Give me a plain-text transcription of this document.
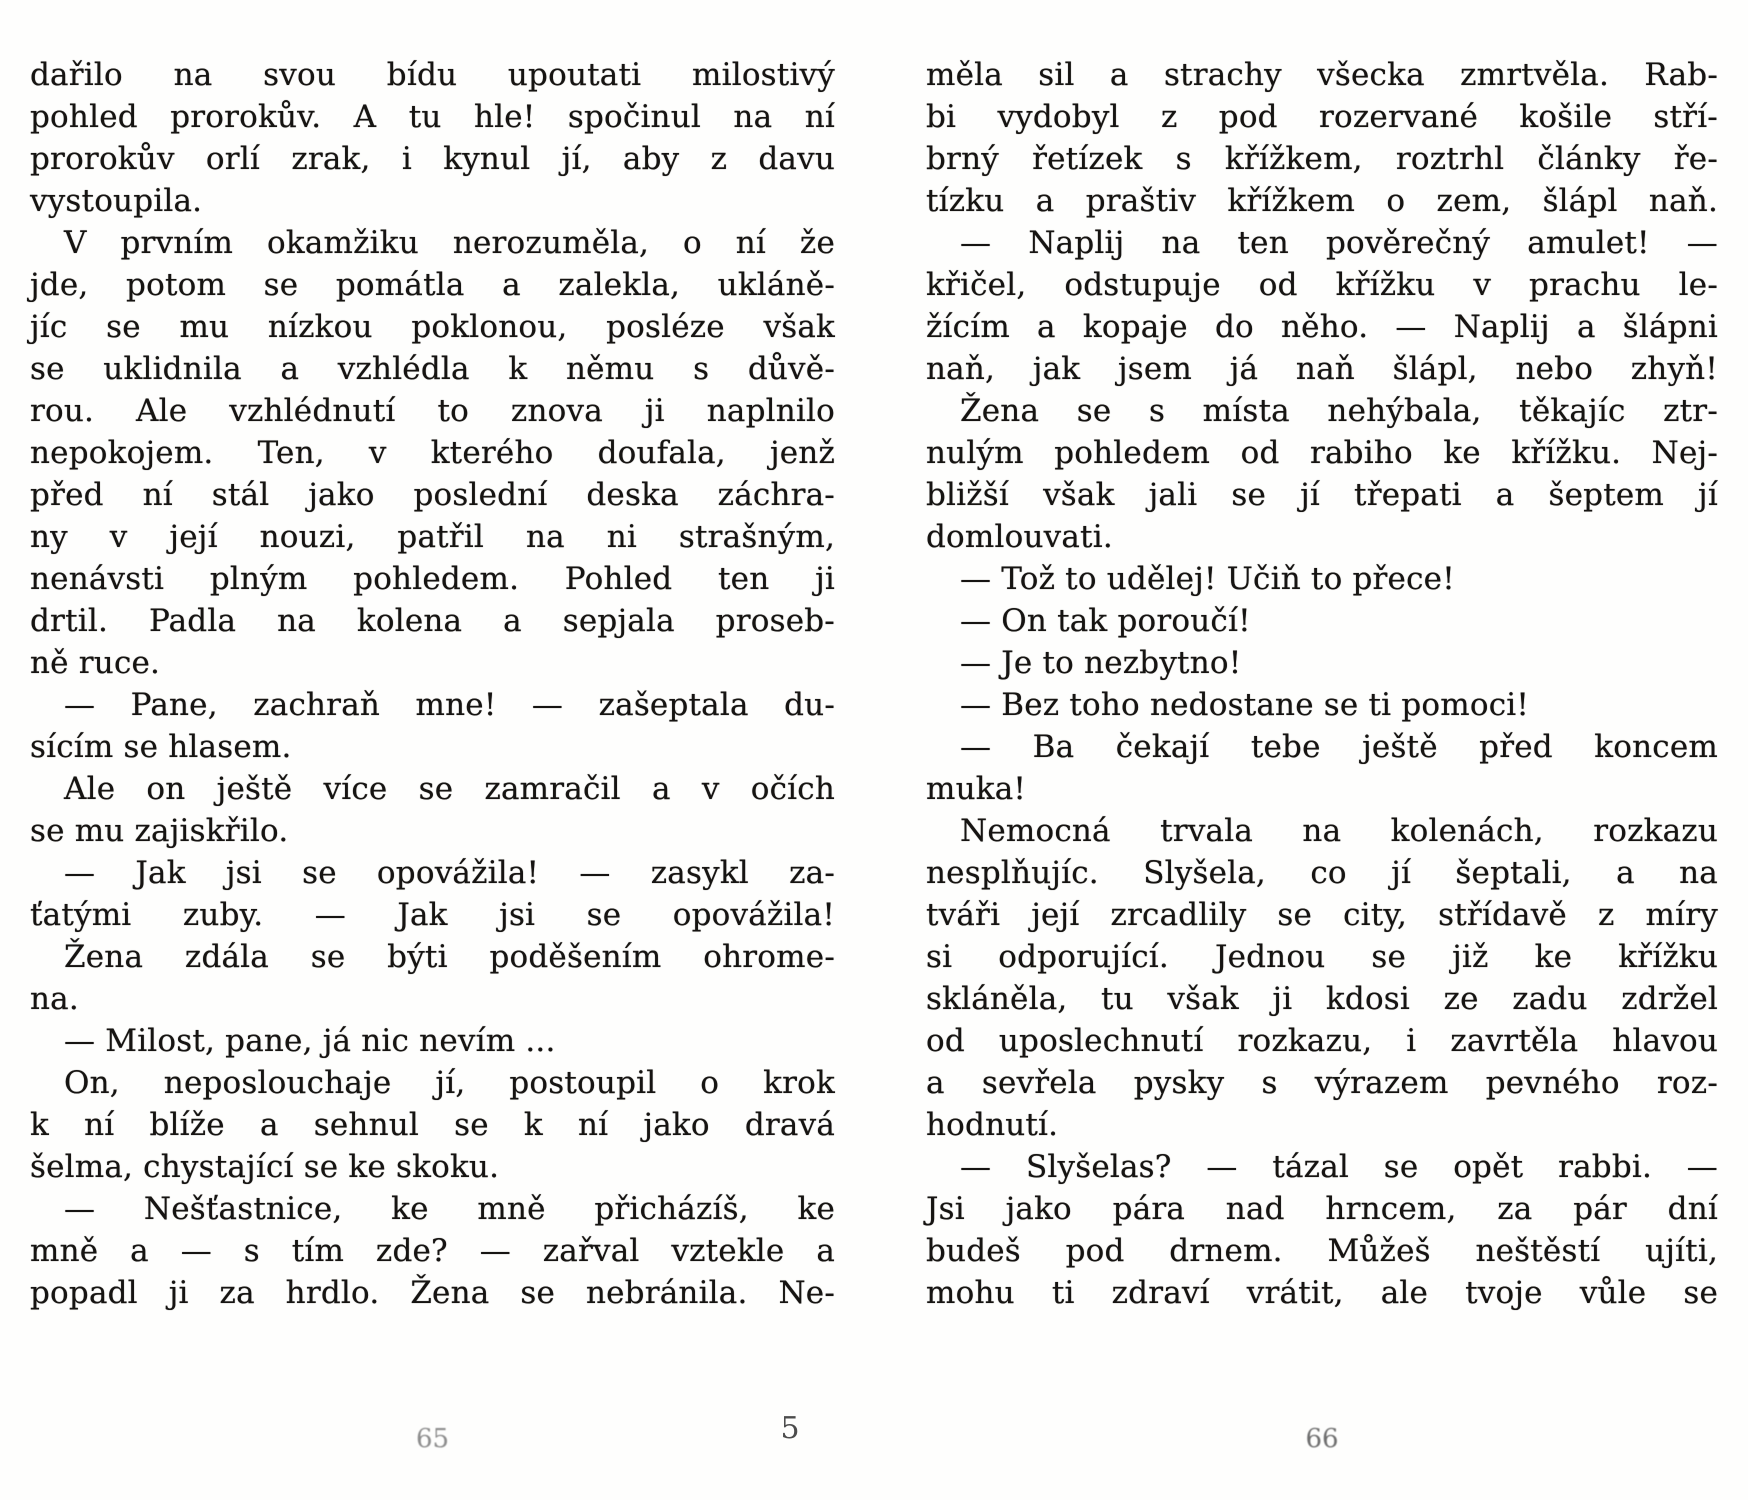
dařilo na svou bídu upoutati milostivý
pohled prorokův. A tu hle! spočinul na ní
prorokův orlí zrak, i kynul jí, aby z davu
vystoupila.
V prvním okamžiku nerozuměla, o ní že
jde, potom se pomátla a zalekla, ukláně-
jíc se mu nízkou poklonou, posléze však
se uklidnila a vzhlédla k němu s důvě-
rou. Ale vzhlédnutí to znova ji naplnilo
nepokojem. Ten, v kterého doufala, jenž
před ní stál jako poslední deska záchra-
ny v její nouzi, patřil na ni strašným,
nenávsti plným pohledem. Pohled ten ji
drtil. Padla na kolena a sepjala proseb-
ně ruce.
— Pane, zachraň mne! — zašeptala du-
sícím se hlasem.
Ale on ještě více se zamračil a v očích
se mu zajiskřilo.
— Jak jsi se opovážila! — zasykl za-
ťatými zuby. — Jak jsi se opovážila!
Žena zdála se býti poděšením ohrome-
na.
— Milost, pane, já nic nevím ...
On, neposlouchaje jí, postoupil o krok
k ní blíže a sehnul se k ní jako dravá
šelma, chystající se ke skoku.
— Nešťastnice, ke mně přicházíš, ke
mně a — s tím zde? — zařval vztekle a
popadl ji za hrdlo. Žena se nebránila. Ne-
měla sil a strachy všecka zmrtvěla. Rab-
bi vydobyl z pod rozervané košile stří-
brný řetízek s křížkem, roztrhl články ře-
tízku a praštiv křížkem o zem, šlápl naň.
— Naplij na ten pověrečný amulet! —
křičel, odstupuje od křížku v prachu le-
žícím a kopaje do něho. — Naplij a šlápni
naň, jak jsem já naň šlápl, nebo zhyň!
Žena se s místa nehýbala, těkajíc ztr-
nulým pohledem od rabiho ke křížku. Nej-
bližší však jali se jí třepati a šeptem jí
domlouvati.
— Tož to udělej! Učiň to přece!
— On tak poroučí!
— Je to nezbytno!
— Bez toho nedostane se ti pomoci!
— Ba čekají tebe ještě před koncem
muka!
Nemocná trvala na kolenách, rozkazu
nesplňujíc. Slyšela, co jí šeptali, a na
tváři její zrcadlily se city, střídavě z míry
si odporující. Jednou se již ke křížku
skláněla, tu však ji kdosi ze zadu zdržel
od uposlechnutí rozkazu, i zavrtěla hlavou
a sevřela pysky s výrazem pevného roz-
hodnutí.
— Slyšelas? — tázal se opět rabbi. —
Jsi jako pára nad hrncem, za pár dní
budeš pod drnem. Můžeš neštěstí ujíti,
mohu ti zdraví vrátit, ale tvoje vůle se
65	5	66
